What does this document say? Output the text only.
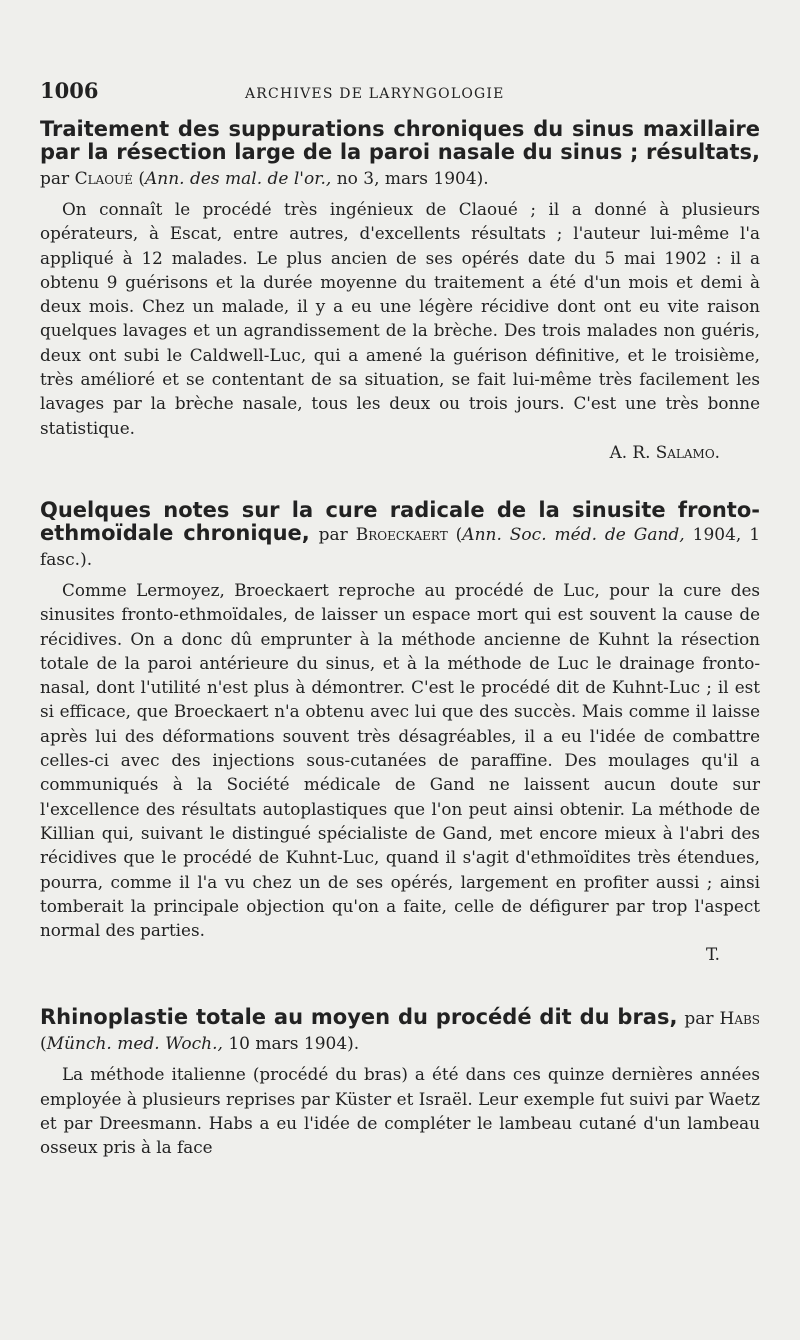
1006	ARCHIVES DE LARYNGOLOGIE

Traitement des suppurations chroniques du sinus maxillaire par la résection large de la paroi nasale du sinus ; résultats, par Claoué (Ann. des mal. de l'or., no 3, mars 1904).

On connaît le procédé très ingénieux de Claoué ; il a donné à plusieurs opérateurs, à Escat, entre autres, d'excellents résultats ; l'auteur lui-même l'a appliqué à 12 malades. Le plus ancien de ses opérés date du 5 mai 1902 : il a obtenu 9 guérisons et la durée moyenne du traitement a été d'un mois et demi à deux mois. Chez un malade, il y a eu une légère récidive dont ont eu vite raison quelques lavages et un agrandissement de la brèche. Des trois malades non guéris, deux ont subi le Caldwell-Luc, qui a amené la guérison définitive, et le troisième, très amélioré et se contentant de sa situation, se fait lui-même très facilement les lavages par la brèche nasale, tous les deux ou trois jours. C'est une très bonne statistique.

A. R. Salamo.

Quelques notes sur la cure radicale de la sinusite fronto-ethmoïdale chronique, par Broeckaert (Ann. Soc. méd. de Gand, 1904, 1 fasc.).

Comme Lermoyez, Broeckaert reproche au procédé de Luc, pour la cure des sinusites fronto-ethmoïdales, de laisser un espace mort qui est souvent la cause de récidives. On a donc dû emprunter à la méthode ancienne de Kuhnt la résection totale de la paroi antérieure du sinus, et à la méthode de Luc le drainage fronto-nasal, dont l'utilité n'est plus à démontrer. C'est le procédé dit de Kuhnt-Luc ; il est si efficace, que Broeckaert n'a obtenu avec lui que des succès. Mais comme il laisse après lui des déformations souvent très désagréables, il a eu l'idée de combattre celles-ci avec des injections sous-cutanées de paraffine. Des moulages qu'il a communiqués à la Société médicale de Gand ne laissent aucun doute sur l'excellence des résultats autoplastiques que l'on peut ainsi obtenir. La méthode de Killian qui, suivant le distingué spécialiste de Gand, met encore mieux à l'abri des récidives que le procédé de Kuhnt-Luc, quand il s'agit d'ethmoïdites très étendues, pourra, comme il l'a vu chez un de ses opérés, largement en profiter aussi ; ainsi tomberait la principale objection qu'on a faite, celle de défigurer par trop l'aspect normal des parties.

T.

Rhinoplastie totale au moyen du procédé dit du bras, par Habs (Münch. med. Woch., 10 mars 1904).

La méthode italienne (procédé du bras) a été dans ces quinze dernières années employée à plusieurs reprises par Küster et Israël. Leur exemple fut suivi par Waetz et par Dreesmann. Habs a eu l'idée de compléter le lambeau cutané d'un lambeau osseux pris à la face
